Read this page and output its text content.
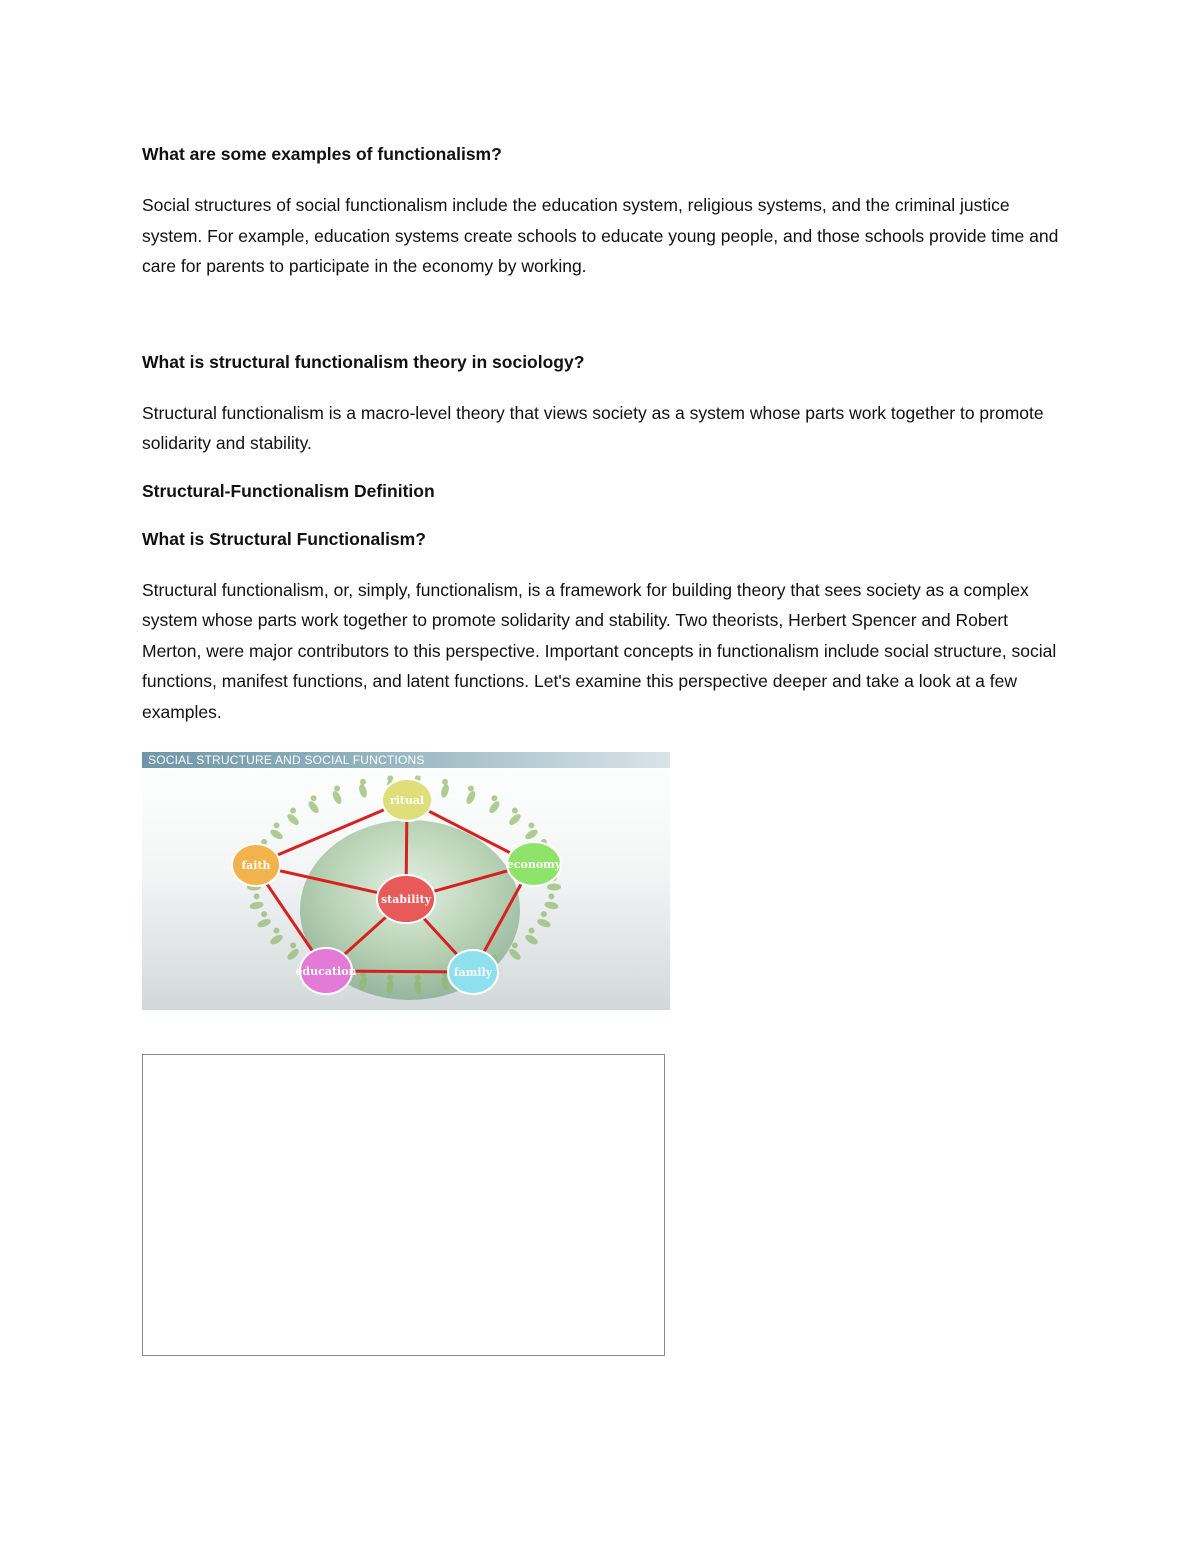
What are some examples of functionalism?
Social structures of social functionalism include the education system, religious systems, and the criminal justice system. For example, education systems create schools to educate young people, and those schools provide time and care for parents to participate in the economy by working.
What is structural functionalism theory in sociology?
Structural functionalism is a macro-level theory that views society as a system whose parts work together to promote solidarity and stability.
Structural-Functionalism Definition
What is Structural Functionalism?
Structural functionalism, or, simply, functionalism, is a framework for building theory that sees society as a complex system whose parts work together to promote solidarity and stability. Two theorists, Herbert Spencer and Robert Merton, were major contributors to this perspective. Important concepts in functionalism include social structure, social functions, manifest functions, and latent functions. Let's examine this perspective deeper and take a look at a few examples.
SOCIAL STRUCTURE AND SOCIAL FUNCTIONS
ritual
faith	economy
stability
education	family
